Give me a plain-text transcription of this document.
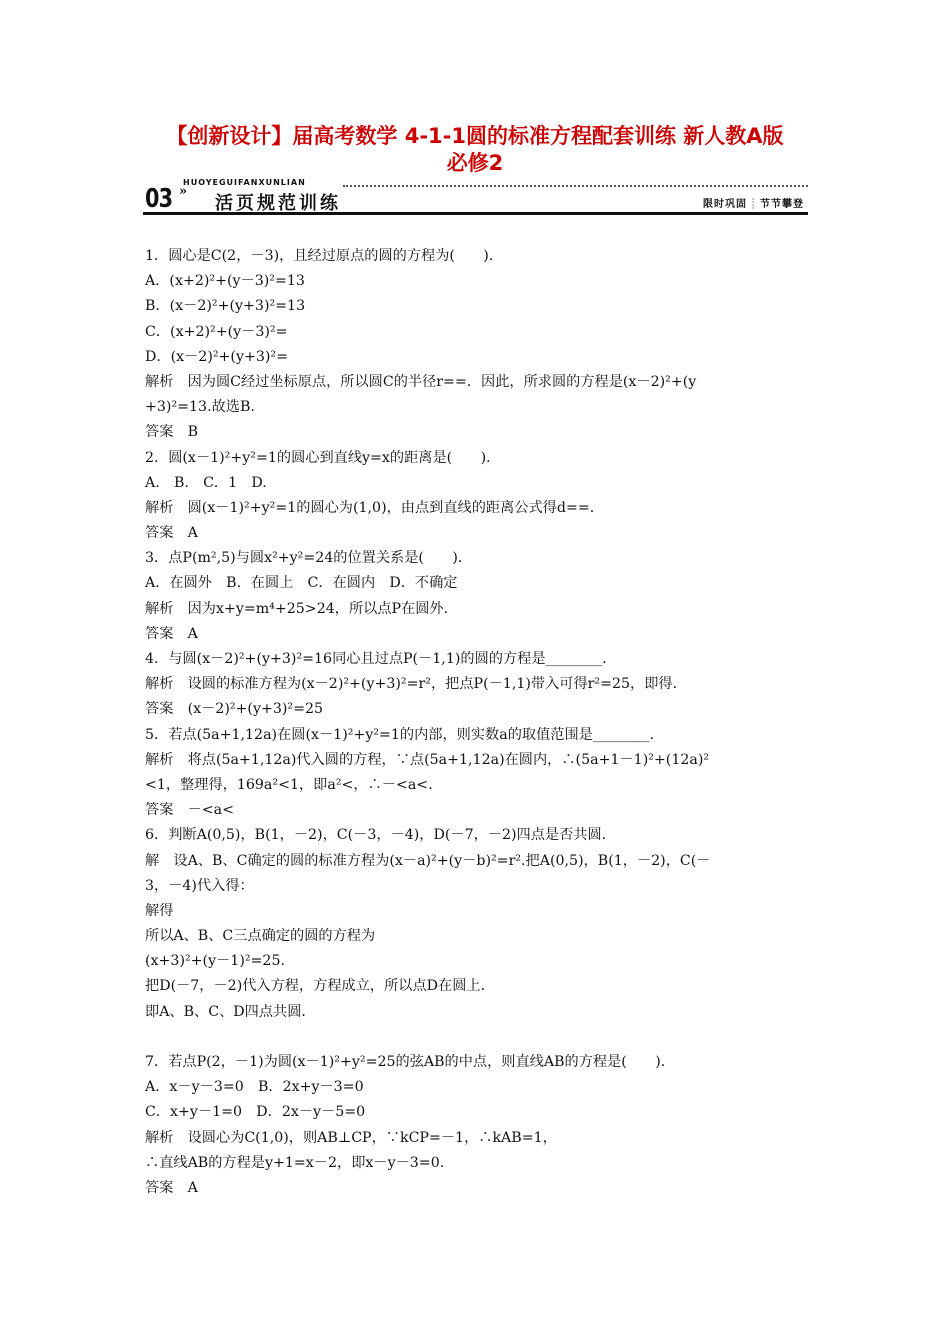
【创新设计】届高考数学 4-1-1圆的标准方程配套训练 新人教A版
必修2
03 »
HUOYEGUIFANXUNLIAN
活页规范训练	限时巩固 ┊ 节节攀登
1．圆心是C(2，－3)，且经过原点的圆的方程为(　　)．
A．(x+2)²+(y－3)²=13
B．(x－2)²+(y+3)²=13
C．(x+2)²+(y－3)²=
D．(x－2)²+(y+3)²=
解析　因为圆C经过坐标原点，所以圆C的半径r==．因此，所求圆的方程是(x－2)²+(y
+3)²=13.故选B.
答案　B
2．圆(x－1)²+y²=1的圆心到直线y=x的距离是(　　)．
A.　B.　C．1　D.
解析　圆(x－1)²+y²=1的圆心为(1,0)，由点到直线的距离公式得d==.
答案　A
3．点P(m²,5)与圆x²+y²=24的位置关系是(　　)．
A．在圆外　B．在圆上　C．在圆内　D．不确定
解析　因为x+y=m⁴+25>24，所以点P在圆外．
答案　A
4．与圆(x－2)²+(y+3)²=16同心且过点P(－1,1)的圆的方程是________．
解析　设圆的标准方程为(x－2)²+(y+3)²=r²，把点P(－1,1)带入可得r²=25，即得．
答案　(x－2)²+(y+3)²=25
5．若点(5a+1,12a)在圆(x－1)²+y²=1的内部，则实数a的取值范围是________．
解析　将点(5a+1,12a)代入圆的方程，∵点(5a+1,12a)在圆内，∴(5a+1－1)²+(12a)²
<1，整理得，169a²<1，即a²<，∴－<a<．
答案　－<a<
6．判断A(0,5)，B(1，－2)，C(－3，－4)，D(－7，－2)四点是否共圆．
解　设A、B、C确定的圆的标准方程为(x－a)²+(y－b)²=r².把A(0,5)，B(1，－2)，C(－
3，－4)代入得：
解得
所以A、B、C三点确定的圆的方程为
(x+3)²+(y－1)²=25.
把D(－7，－2)代入方程，方程成立，所以点D在圆上．
即A、B、C、D四点共圆．
7．若点P(2，－1)为圆(x－1)²+y²=25的弦AB的中点，则直线AB的方程是(　　)．
A．x－y－3=0　B．2x+y－3=0
C．x+y－1=0　D．2x－y－5=0
解析　设圆心为C(1,0)，则AB⊥CP，∵kCP=－1，∴kAB=1，
∴直线AB的方程是y+1=x－2，即x－y－3=0.
答案　A
